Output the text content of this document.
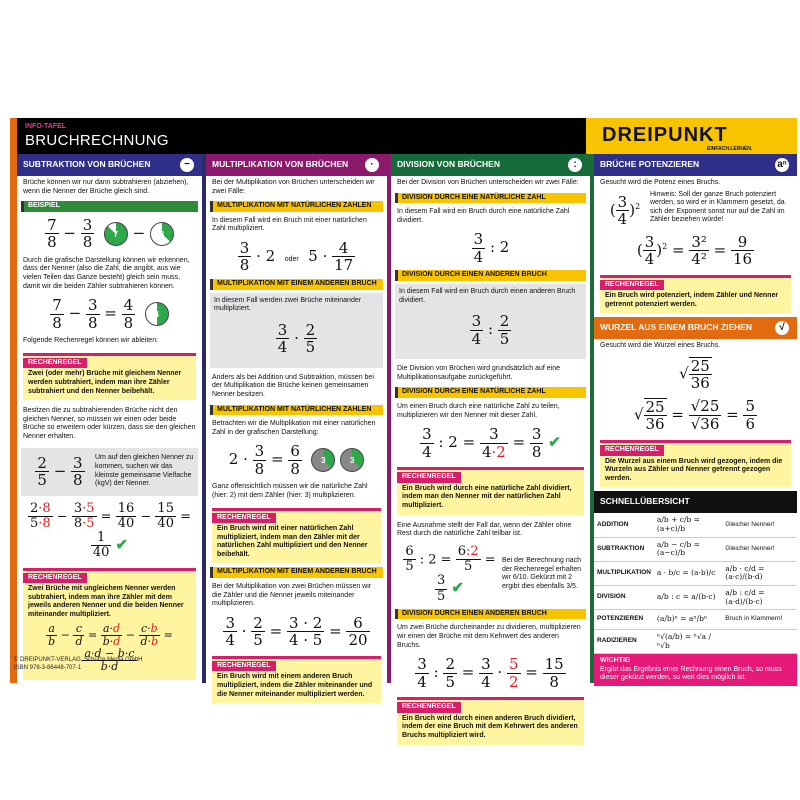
INFO-TAFEL
BRUCHRECHNUNG	DREIPUNKT
EINFACH.LERNEN.
SUBTRAKTION VON BRÜCHEN	−
Brüche können wir nur dann subtrahieren (abziehen), wenn die Nenner der Brüche gleich sind.
BEISPIEL
$\frac{7}{8} - \frac{3}{8} 7 - 3$
Durch die grafische Darstellung können wir erkennen, dass der Nenner (also die Zahl, die angibt, aus wie vielen Teilen das Ganze besteht) gleich sein muss, damit wir die beiden Zähler subtrahieren können.
$\frac{7}{8} - \frac{3}{8} = \frac{4}{8} 4$
Folgende Rechenregel können wir ableiten:
RECHENREGEL
Zwei (oder mehr) Brüche mit gleichem Nenner werden subtrahiert, indem man ihre Zähler subtrahiert und den Nenner beibehält.
Besitzen die zu subtrahierenden Brüche nicht den gleichen Nenner, so müssen wir einen oder beide Brüche so erweitern oder kürzen, dass sie den gleichen Nenner erhalten.
$\frac{2}{5} - \frac{3}{8}$ Um auf den gleichen Nenner zu kommen, suchen wir das kleinste gemeinsame Vielfache (kgV) der Nenner.
$\frac{2\cdot 8}{5\cdot 8} - \frac{3\cdot 5}{8\cdot 5} = \frac{16}{40} - \frac{15}{40}$ =
$\frac{1}{40}$ ✔
RECHENREGEL
Zwei Brüche mit ungleichem Nenner werden subtrahiert, indem man ihre Zähler mit dem jeweils anderen Nenner und die beiden Nenner miteinander multipliziert.
$\frac{a}{b} - \frac{c}{d} = \frac{a\cdot d}{b\cdot d} - \frac{c\cdot b}{d\cdot b}$ =
$\frac{a\cdot d - b\cdot c}{b\cdot d}$
MULTIPLIKATION VON BRÜCHEN	·
Bei der Multiplikation von Brüchen unterscheiden wir zwei Fälle:
MULTIPLIKATION MIT NATÜRLICHEN ZAHLEN
In diesem Fall wird ein Bruch mit einer natürlichen Zahl multipliziert.
$\frac{3}{8} \cdot 2$  oder  $5 \cdot \frac{4}{17}$
MULTIPLIKATION MIT EINEM ANDEREN BRUCH
In diesem Fall werden zwei Brüche miteinander multipliziert.
$\frac{3}{4} \cdot \frac{2}{5}$
Anders als bei Addition und Subtraktion, müssen bei der Multiplikation die Brüche keinen gemeinsamen Nenner besitzen.
MULTIPLIKATION MIT NATÜRLICHEN ZAHLEN
Betrachten wir die Multiplikation mit einer natürlichen Zahl in der grafischen Darstellung:
$2 \cdot \frac{3}{8} = \frac{6}{8} 3$	3
Ganz offensichtlich müssen wir die natürliche Zahl (hier: 2) mit dem Zähler (hier: 3) multiplizieren.
RECHENREGEL
Ein Bruch wird mit einer natürlichen Zahl multipliziert, indem man den Zähler mit der natürlichen Zahl multipliziert und den Nenner beibehält.
MULTIPLIKATION MIT EINEM ANDEREN BRUCH
Bei der Multiplikation von zwei Brüchen müssen wir die Zähler und die Nenner jeweils miteinander multiplizieren.
$\frac{3}{4} \cdot \frac{2}{5} = \frac{3 \cdot 2}{4 \cdot 5} = \frac{6}{20}$
RECHENREGEL
Ein Bruch wird mit einem anderen Bruch multipliziert, indem die Zähler miteinander und die Nenner miteinander multipliziert werden.
DIVISION VON BRÜCHEN	:
Bei der Division von Brüchen unterscheiden wir zwei Fälle:
DIVISION DURCH EINE NATÜRLICHE ZAHL
In diesem Fall wird ein Bruch durch eine natürliche Zahl dividiert.
$\frac{3}{4}$ : 2
DIVISION DURCH EINEN ANDEREN BRUCH
In diesem Fall wird ein Bruch durch einen anderen Bruch dividiert.
$\frac{3}{4}$ : $\frac{2}{5}$
Die Division von Brüchen wird grundsätzlich auf eine Multiplikationsaufgabe zurückgeführt.
DIVISION DURCH EINE NATÜRLICHE ZAHL
Um einen Bruch durch eine natürliche Zahl zu teilen, multiplizieren wir den Nenner mit dieser Zahl.
$\frac{3}{4}$ : $2 = \frac{3}{4\cdot 2} = \frac{3}{8}$ ✔
RECHENREGEL
Ein Bruch wird durch eine natürliche Zahl dividiert, indem man den Nenner mit der natürlichen Zahl multipliziert.
Eine Ausnahme stellt der Fall dar, wenn der Zähler ohne Rest durch die natürliche Zahl teilbar ist.
$\frac{6}{5}$ : $2 = \frac{6:2}{5}$ =
$\frac{3}{5}$ ✔
Bei der Berechnung nach der Rechenregel erhalten wir 6/10. Gekürzt mit 2 ergibt dies ebenfalls 3/5.
DIVISION DURCH EINEN ANDEREN BRUCH
Um zwei Brüche durcheinander zu dividieren, multiplizieren wir einen der Brüche mit dem Kehrwert des anderen Bruchs.
$\frac{3}{4}$ : $\frac{2}{5} = \frac{3}{4} \cdot \frac{5}{2} = \frac{15}{8}$
RECHENREGEL
Ein Bruch wird durch einen anderen Bruch dividiert, indem der eine Bruch mit dem Kehrwert des anderen Bruchs multipliziert wird.
BRÜCHE POTENZIEREN	aⁿ
Gesucht wird die Potenz eines Bruchs.
( $\frac{3}{4} )^2$
Hinweis: Soll der ganze Bruch potenziert werden, so wird er in Klammern gesetzt, da sich der Exponent sonst nur auf die Zahl im Zähler beziehen würde!
( $\frac{3}{4} )^2 = \frac{\text{3²}}{\text{4²}} = \frac{9}{16}$
RECHENREGEL
Ein Bruch wird potenziert, indem Zähler und Nenner getrennt potenziert werden.
WURZEL AUS EINEM BRUCH ZIEHEN	√
Gesucht wird die Wurzel eines Bruchs.
√ $\frac{25}{36}$
√ $\frac{25}{36} = \frac{√25}{√36} = \frac{5}{6}$
RECHENREGEL
Die Wurzel aus einem Bruch wird gezogen, indem die Wurzeln aus Zähler und Nenner getrennt gezogen werden.
SCHNELLÜBERSICHT
ADDITION	a/b + c/b = (a+c)/b	Gleicher Nenner!
SUBTRAKTION	a/b − c/b = (a−c)/b	Gleicher Nenner!
MULTIPLIKATION	a · b/c = (a·b)/c	a/b · c/d = (a·c)/(b·d)
DIVISION	a/b : c = a/(b·c)	a/b : c/d = (a·d)/(b·c)
POTENZIEREN	(a/b)ⁿ = aⁿ/bⁿ	Bruch in Klammern!
RADIZIEREN	ⁿ√(a/b) = ⁿ√a / ⁿ√b	
WICHTIG
Ergibt das Ergebnis einer Rechnung einen Bruch, so muss dieser gekürzt werden, so weit dies möglich ist.
© DREIPUNKT-VERLAG, Schulze Media GmbH
ISBN 978-3-86448-707-1
